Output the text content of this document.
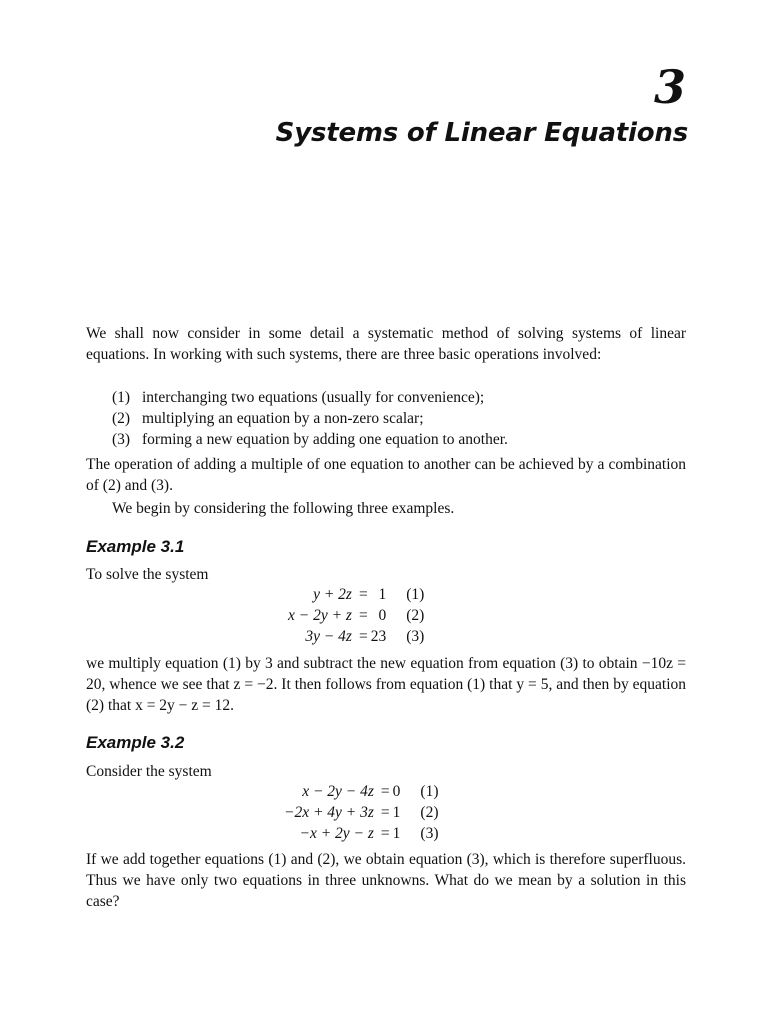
3

Systems of Linear Equations

We shall now consider in some detail a systematic method of solving systems of linear equations. In working with such systems, there are three basic operations involved:

(1) interchanging two equations (usually for convenience);
(2) multiplying an equation by a non-zero scalar;
(3) forming a new equation by adding one equation to another.

The operation of adding a multiple of one equation to another can be achieved by a combination of (2) and (3).

We begin by considering the following three examples.

Example 3.1

To solve the system

y + 2z	=	1	(1)
x − 2y + z	=	0	(2)
3y − 4z	=	23	(3)

we multiply equation (1) by 3 and subtract the new equation from equation (3) to obtain −10z = 20, whence we see that z = −2. It then follows from equation (1) that y = 5, and then by equation (2) that x = 2y − z = 12.

Example 3.2

Consider the system

x − 2y − 4z	=	0	(1)
−2x + 4y + 3z	=	1	(2)
−x + 2y − z	=	1	(3)

If we add together equations (1) and (2), we obtain equation (3), which is therefore superfluous. Thus we have only two equations in three unknowns. What do we mean by a solution in this case?
